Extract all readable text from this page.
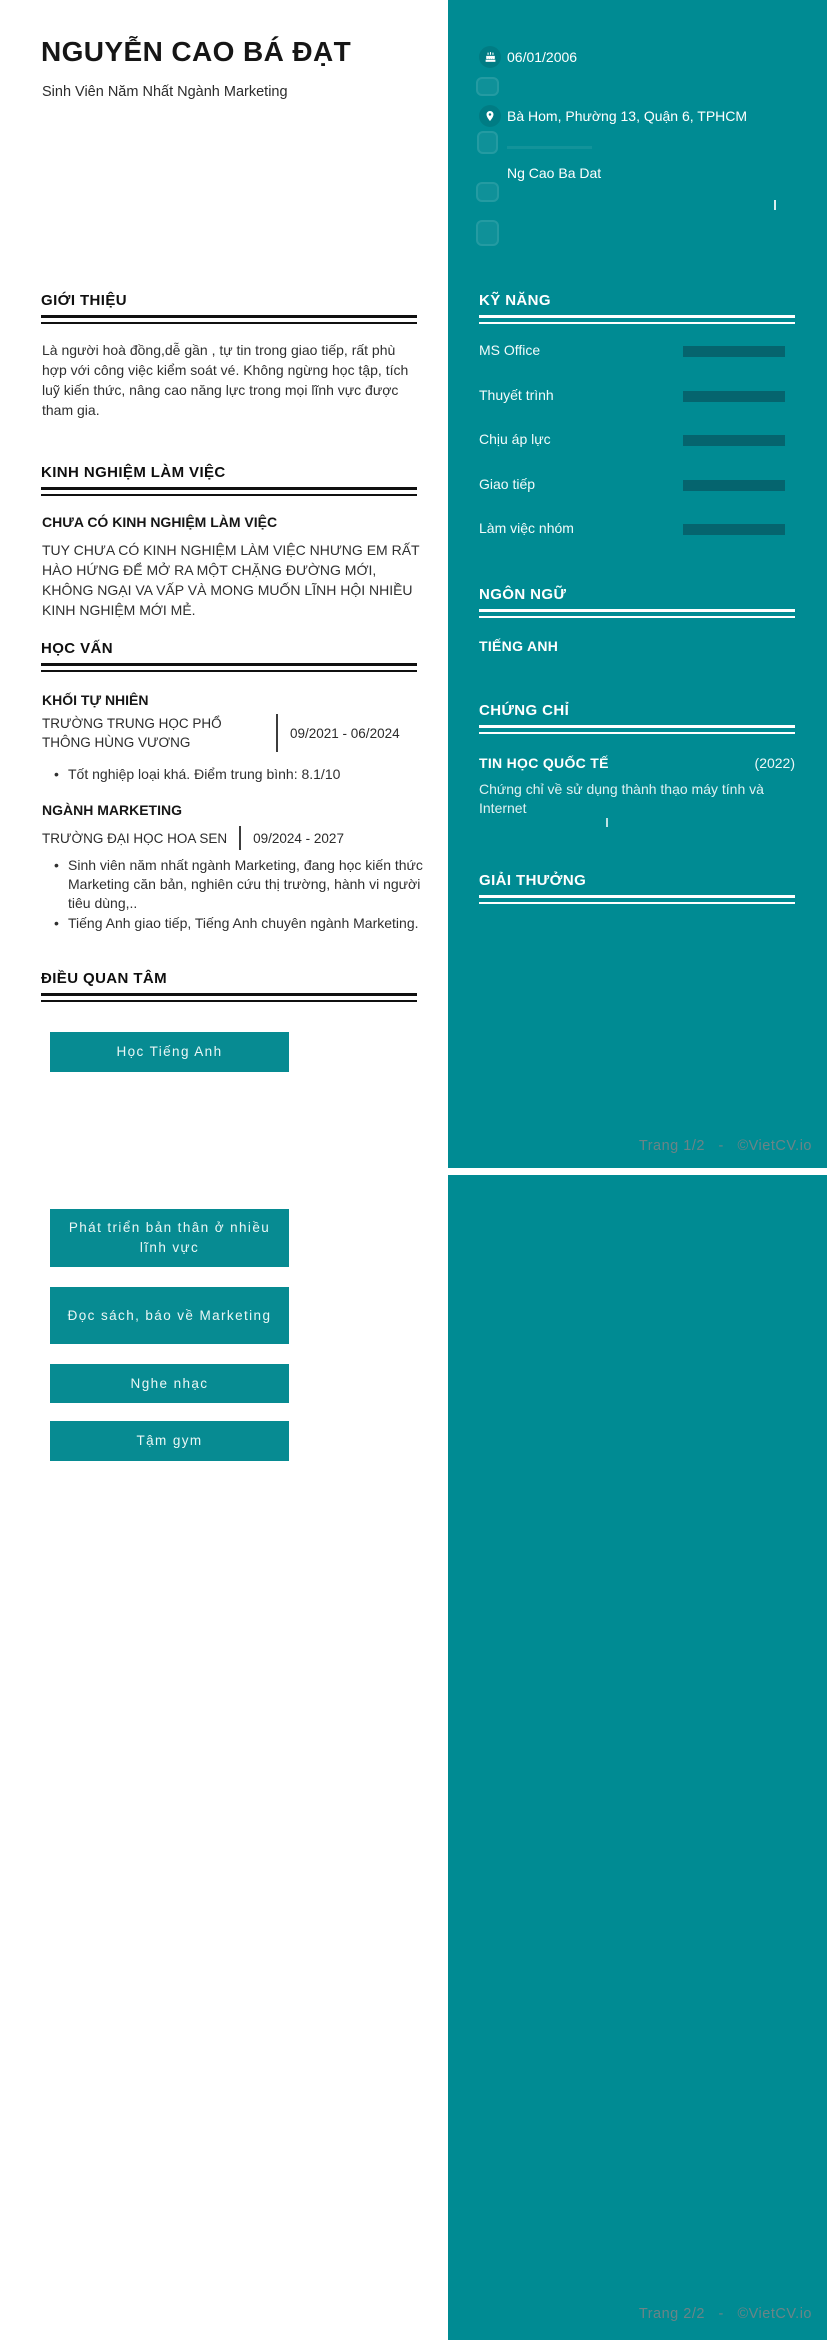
NGUYỄN CAO BÁ ĐẠT
Sinh Viên Năm Nhất Ngành Marketing
GIỚI THIỆU
Là người hoà đồng,dễ gần , tự tin trong giao tiếp, rất phù hợp với công việc kiểm soát vé. Không ngừng học tập, tích luỹ kiến thức, nâng cao năng lực trong mọi lĩnh vực được tham gia.
KINH NGHIỆM LÀM VIỆC
CHƯA CÓ KINH NGHIỆM LÀM VIỆC
TUY CHƯA CÓ KINH NGHIỆM LÀM VIỆC NHƯNG EM RẤT HÀO HỨNG ĐỂ MỞ RA MỘT CHẶNG ĐƯỜNG MỚI, KHÔNG NGẠI VA VẤP VÀ MONG MUỐN LĨNH HỘI NHIỀU KINH NGHIỆM MỚI MẺ.
HỌC VẤN
KHỐI TỰ NHIÊN
TRƯỜNG TRUNG HỌC PHỔ THÔNG HÙNG VƯƠNG
09/2021 - 06/2024
• Tốt nghiệp loại khá. Điểm trung bình: 8.1/10
NGÀNH MARKETING
TRƯỜNG ĐẠI HỌC HOA SEN 09/2024 - 2027
• Sinh viên năm nhất ngành Marketing, đang học kiến thức Marketing căn bản, nghiên cứu thị trường, hành vi người tiêu dùng,..
• Tiếng Anh giao tiếp, Tiếng Anh chuyên ngành Marketing.
ĐIỀU QUAN TÂM
Học Tiếng Anh
Phát triển bản thân ở nhiều lĩnh vực
Đọc sách, báo về Marketing
Nghe nhạc
Tậm gym
06/01/2006
Bà Hom, Phường 13, Quận 6, TPHCM
Ng Cao Ba Dat
KỸ NĂNG
MS Office
Thuyết trình
Chịu áp lực
Giao tiếp
Làm việc nhóm
NGÔN NGỮ
TIẾNG ANH
CHỨNG CHỈ
TIN HỌC QUỐC TẾ	(2022)
Chứng chỉ về sử dụng thành thạo máy tính và Internet
GIẢI THƯỞNG
Trang 1/2 - ©VietCV.io
Trang 2/2 - ©VietCV.io
